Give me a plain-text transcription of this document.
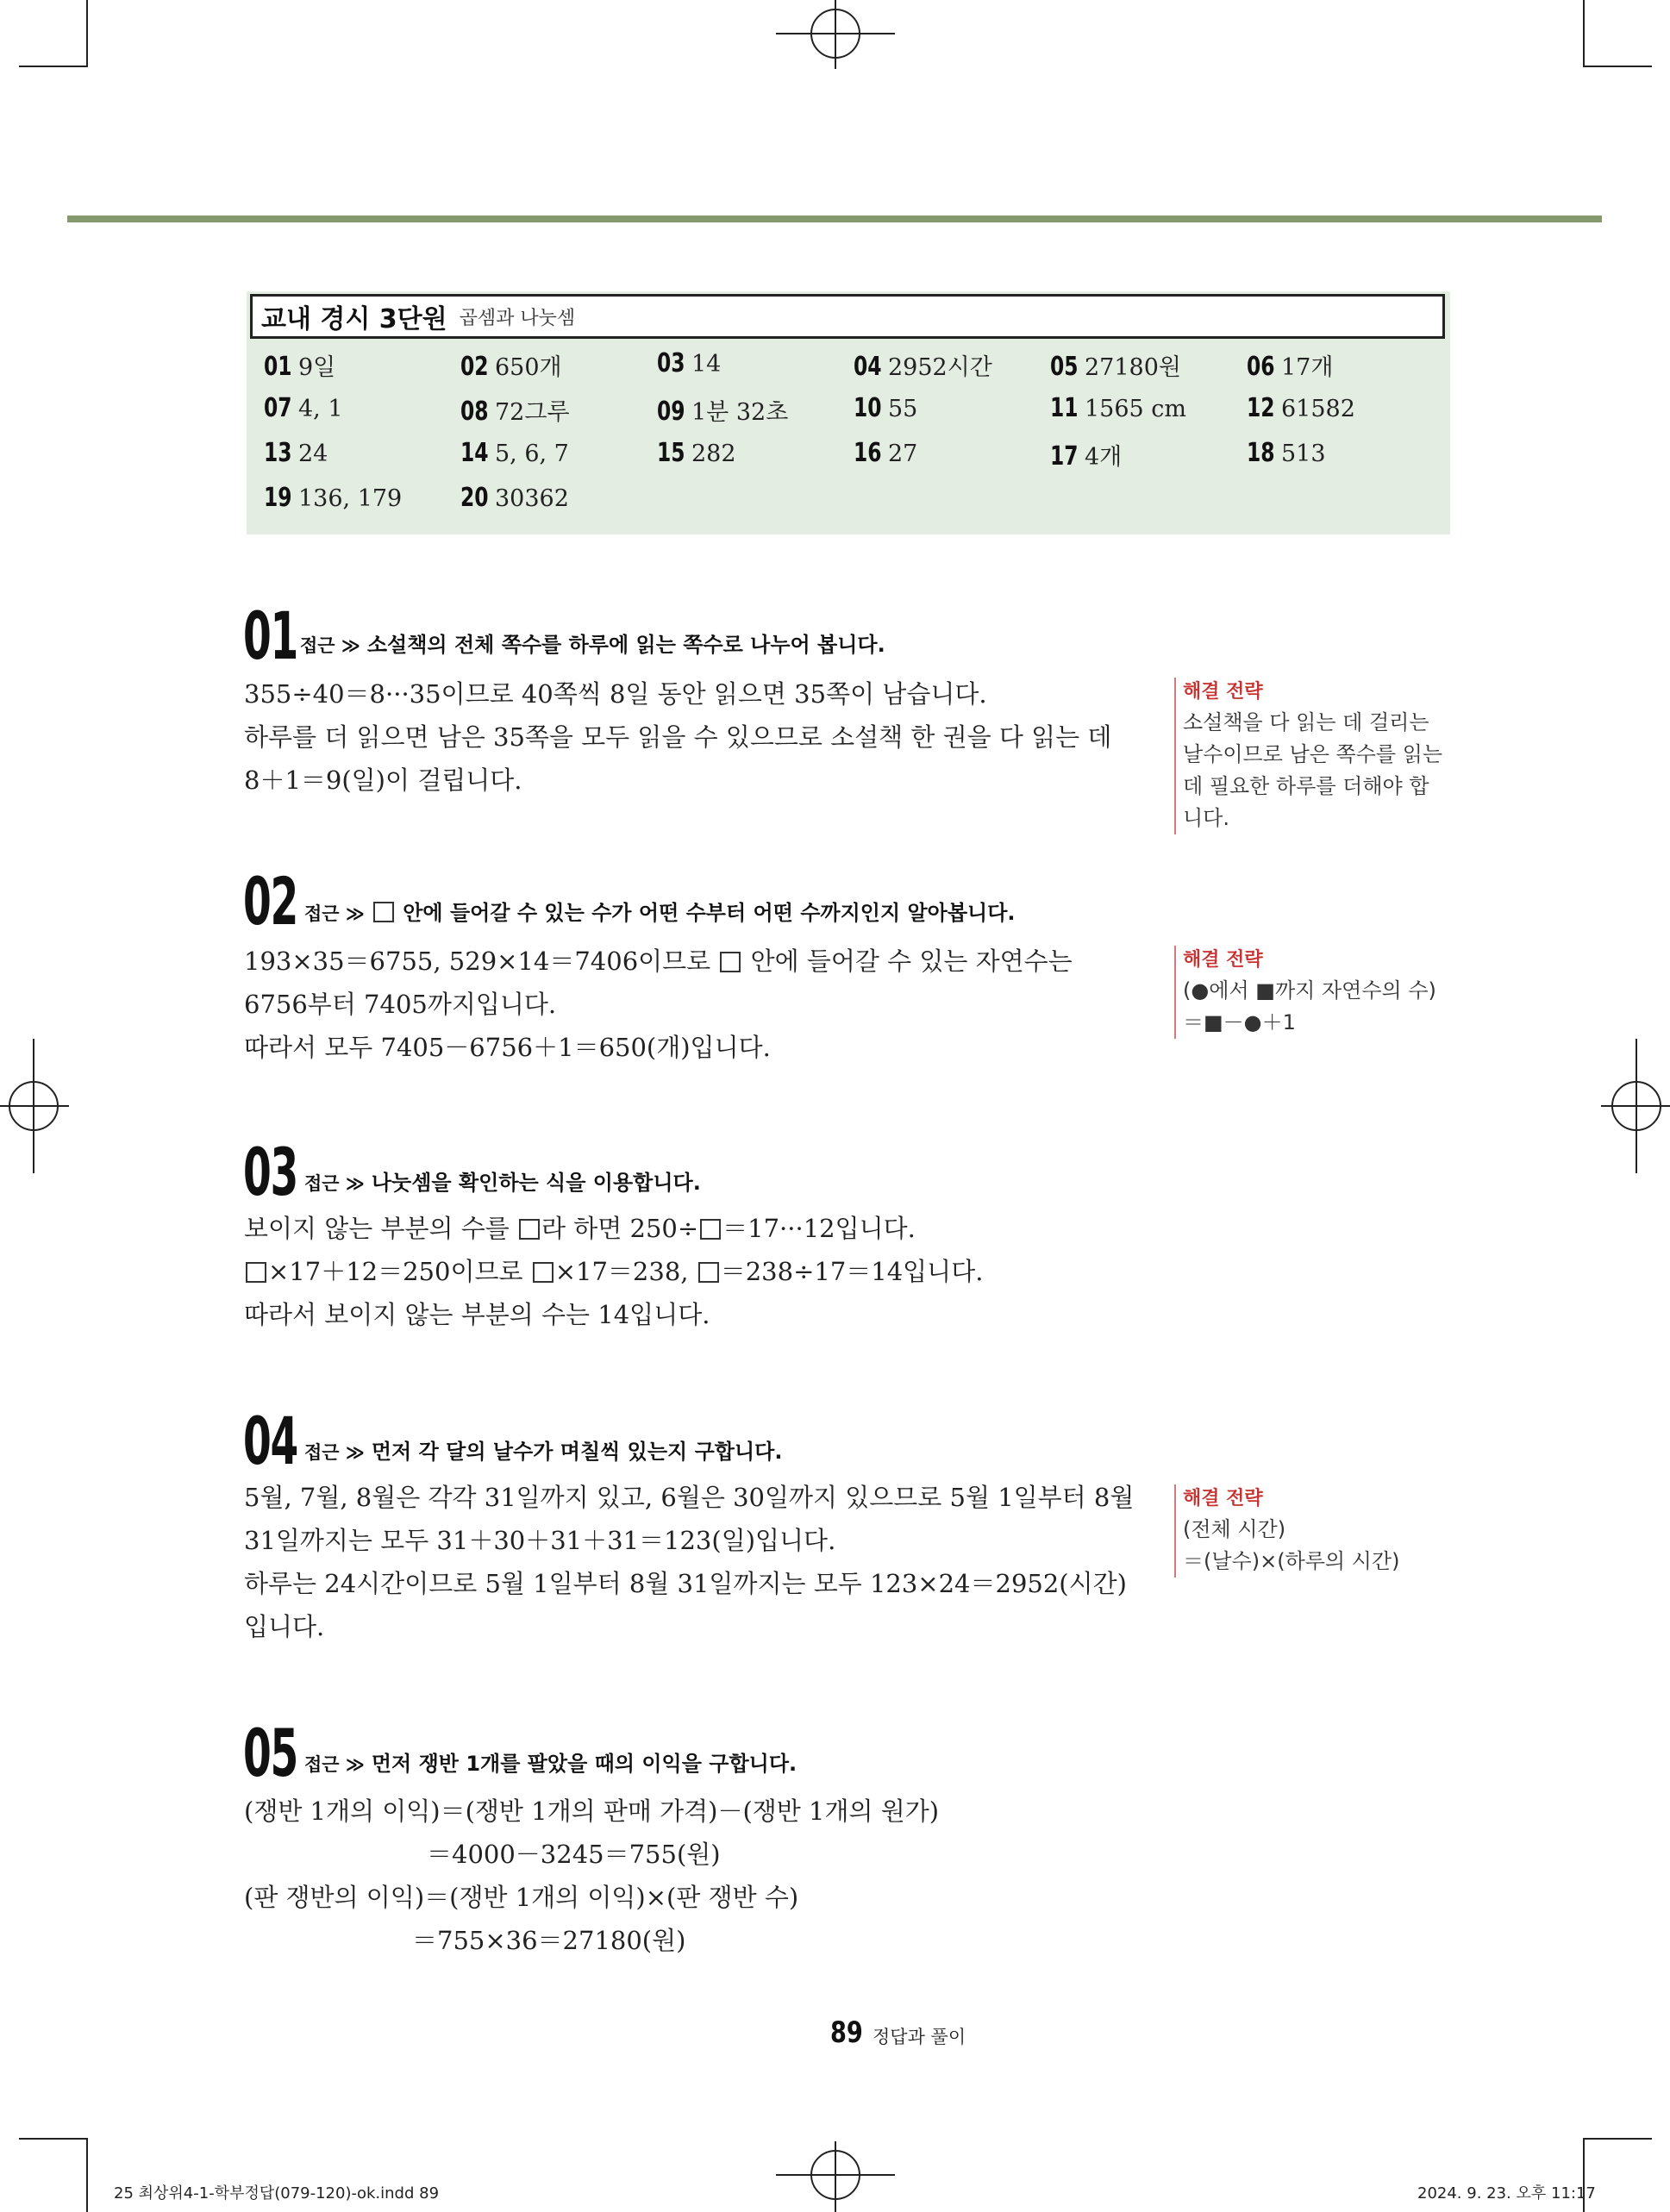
교내 경시 3단원 곱셈과 나눗셈
01 9일	02 650개	03 14	04 2952시간 05 27180원	06 17개
07 4, 1	08 72그루	09 1분 32초	10 55	11 1565 cm 12 61582
13 24	14 5, 6, 7	15 282	16 27	17 4개	18 513
19 136, 179 20 30362
01 접근 ≫ 소설책의 전체 쪽수를 하루에 읽는 쪽수로 나누어 봅니다.
355÷40＝8···35이므로 40쪽씩 8일 동안 읽으면 35쪽이 남습니다.
하루를 더 읽으면 남은 35쪽을 모두 읽을 수 있으므로 소설책 한 권을 다 읽는 데
8＋1＝9(일)이 걸립니다.
해결 전략
소설책을 다 읽는 데 걸리는
날수이므로 남은 쪽수를 읽는
데 필요한 하루를 더해야 합
니다.
02 접근 ≫ 안에 들어갈 수 있는 수가 어떤 수부터 어떤 수까지인지 알아봅니다.
193×35＝6755, 529×14＝7406이므로 안에 들어갈 수 있는 자연수는
6756부터 7405까지입니다.
따라서 모두 7405－6756＋1＝650(개)입니다.
해결 전략
(●에서 ■까지 자연수의 수)
＝■－●＋1
03 접근 ≫ 나눗셈을 확인하는 식을 이용합니다.
보이지 않는 부분의 수를 라 하면 250÷ ＝17···12입니다.
×17＋12＝250이므로 ×17＝238, ＝238÷17＝14입니다.
따라서 보이지 않는 부분의 수는 14입니다.
04 접근 ≫ 먼저 각 달의 날수가 며칠씩 있는지 구합니다.
5월, 7월, 8월은 각각 31일까지 있고, 6월은 30일까지 있으므로 5월 1일부터 8월
31일까지는 모두 31＋30＋31＋31＝123(일)입니다.
하루는 24시간이므로 5월 1일부터 8월 31일까지는 모두 123×24＝2952(시간)
입니다.
해결 전략
(전체 시간)
＝(날수)×(하루의 시간)
05 접근 ≫ 먼저 쟁반 1개를 팔았을 때의 이익을 구합니다.
(쟁반 1개의 이익)＝(쟁반 1개의 판매 가격)－(쟁반 1개의 원가)
＝4000－3245＝755(원)
(판 쟁반의 이익)＝(쟁반 1개의 이익)×(판 쟁반 수)
＝755×36＝27180(원)
89 정답과 풀이
25 최상위4-1-학부정답(079-120)-ok.indd 89	2024. 9. 23. 오후 11:17
